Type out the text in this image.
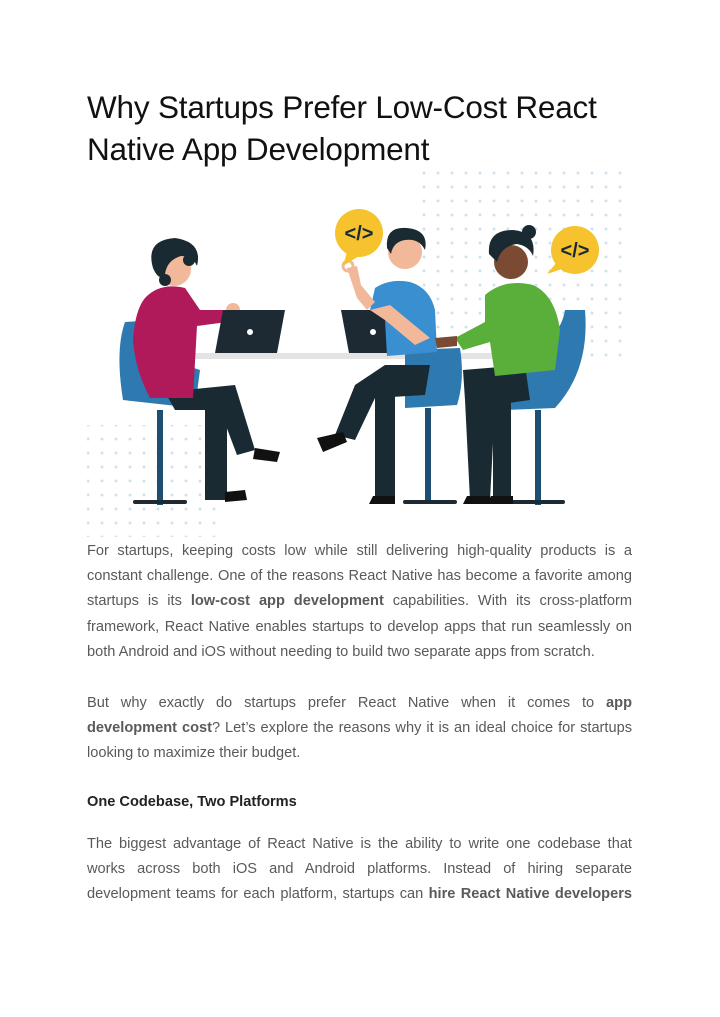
Why Startups Prefer Low-Cost React Native App Development
</>
</>

For startups, keeping costs low while still delivering high-quality products is a constant challenge. One of the reasons React Native has become a favorite among startups is its low-cost app development capabilities. With its cross-platform framework, React Native enables startups to develop apps that run seamlessly on both Android and iOS without needing to build two separate apps from scratch.

But why exactly do startups prefer React Native when it comes to app development cost? Let’s explore the reasons why it is an ideal choice for startups looking to maximize their budget.

One Codebase, Two Platforms

The biggest advantage of React Native is the ability to write one codebase that works across both iOS and Android platforms. Instead of hiring separate development teams for each platform, startups can hire React Native developers
